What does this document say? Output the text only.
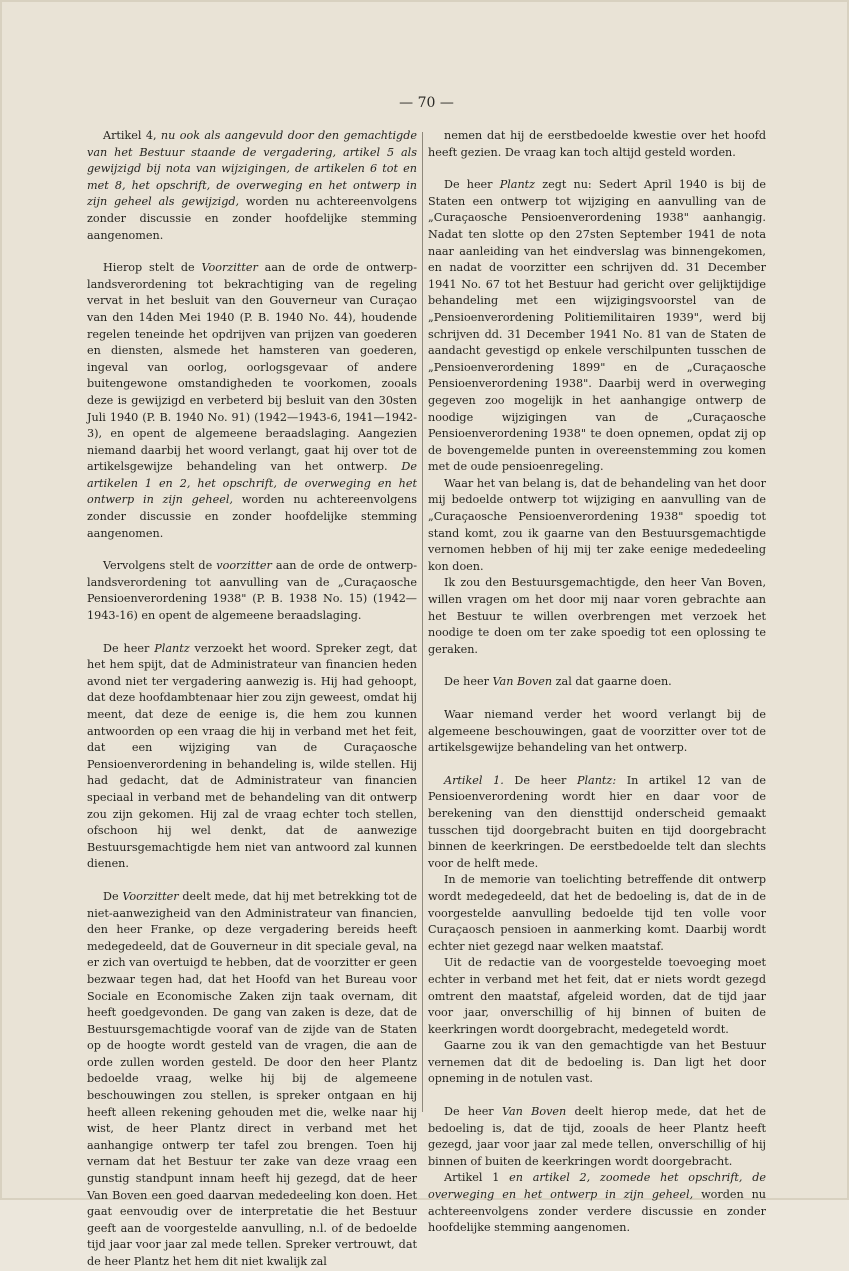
— 70 —

Artikel 4, nu ook als aangevuld door den gemachtigde van het Bestuur staande de vergadering, artikel 5 als gewijzigd bij nota van wijzigingen, de artikelen 6 tot en met 8, het opschrift, de overweging en het ontwerp in zijn geheel als gewijzigd, worden nu achtereenvolgens zonder discussie en zonder hoofdelijke stemming aangenomen.

Hierop stelt de Voorzitter aan de orde de ontwerp-landsverordening tot bekrachtiging van de regeling vervat in het besluit van den Gouverneur van Curaçao van den 14den Mei 1940 (P. B. 1940 No. 44), houdende regelen teneinde het opdrijven van prijzen van goederen en diensten, alsmede het hamsteren van goederen, ingeval van oorlog, oorlogsgevaar of andere buitengewone omstandigheden te voorkomen, zooals deze is gewijzigd en verbeterd bij besluit van den 30sten Juli 1940 (P. B. 1940 No. 91) (1942—1943-6, 1941—1942-3), en opent de algemeene beraadslaging. Aangezien niemand daarbij het woord verlangt, gaat hij over tot de artikelsgewijze behandeling van het ontwerp. De artikelen 1 en 2, het opschrift, de overweging en het ontwerp in zijn geheel, worden nu achtereenvolgens zonder discussie en zonder hoofdelijke stemming aangenomen.

Vervolgens stelt de voorzitter aan de orde de ontwerp-landsverordening tot aanvulling van de „Curaçaosche Pensioenverordening 1938" (P. B. 1938 No. 15) (1942—1943-16) en opent de algemeene beraadslaging.

De heer Plantz verzoekt het woord. Spreker zegt, dat het hem spijt, dat de Administrateur van financien heden avond niet ter vergadering aanwezig is. Hij had gehoopt, dat deze hoofdambtenaar hier zou zijn geweest, omdat hij meent, dat deze de eenige is, die hem zou kunnen antwoorden op een vraag die hij in verband met het feit, dat een wijziging van de Curaçaosche Pensioenverordening in behandeling is, wilde stellen. Hij had gedacht, dat de Administrateur van financien speciaal in verband met de behandeling van dit ontwerp zou zijn gekomen. Hij zal de vraag echter toch stellen, ofschoon hij wel denkt, dat de aanwezige Bestuursgemachtigde hem niet van antwoord zal kunnen dienen.

De Voorzitter deelt mede, dat hij met betrekking tot de niet-aanwezigheid van den Administrateur van financien, den heer Franke, op deze vergadering bereids heeft medegedeeld, dat de Gouverneur in dit speciale geval, na er zich van overtuigd te hebben, dat de voorzitter er geen bezwaar tegen had, dat het Hoofd van het Bureau voor Sociale en Economische Zaken zijn taak overnam, dit heeft goedgevonden. De gang van zaken is deze, dat de Bestuursgemachtigde vooraf van de zijde van de Staten op de hoogte wordt gesteld van de vragen, die aan de orde zullen worden gesteld. De door den heer Plantz bedoelde vraag, welke hij bij de algemeene beschouwingen zou stellen, is spreker ontgaan en hij heeft alleen rekening gehouden met die, welke naar hij wist, de heer Plantz direct in verband met het aanhangige ontwerp ter tafel zou brengen. Toen hij vernam dat het Bestuur ter zake van deze vraag een gunstig standpunt innam heeft hij gezegd, dat de heer Van Boven een goed daarvan mededeeling kon doen. Het gaat eenvoudig over de interpretatie die het Bestuur geeft aan de voorgestelde aanvulling, n.l. of de bedoelde tijd jaar voor jaar zal mede tellen. Spreker vertrouwt, dat de heer Plantz het hem dit niet kwalijk zal

nemen dat hij de eerstbedoelde kwestie over het hoofd heeft gezien. De vraag kan toch altijd gesteld worden.

De heer Plantz zegt nu: Sedert April 1940 is bij de Staten een ontwerp tot wijziging en aanvulling van de „Curaçaosche Pensioenverordening 1938" aanhangig. Nadat ten slotte op den 27sten September 1941 de nota naar aanleiding van het eindverslag was binnengekomen, en nadat de voorzitter een schrijven dd. 31 December 1941 No. 67 tot het Bestuur had gericht over gelijktijdige behandeling met een wijzigingsvoorstel van de „Pensioenverordening Politiemilitairen 1939", werd bij schrijven dd. 31 December 1941 No. 81 van de Staten de aandacht gevestigd op enkele verschilpunten tusschen de „Pensioenverordening 1899" en de „Curaçaosche Pensioenverordening 1938". Daarbij werd in overweging gegeven zoo mogelijk in het aanhangige ontwerp de noodige wijzigingen van de „Curaçaosche Pensioenverordening 1938" te doen opnemen, opdat zij op de bovengemelde punten in overeenstemming zou komen met de oude pensioenregeling.

Waar het van belang is, dat de behandeling van het door mij bedoelde ontwerp tot wijziging en aanvulling van de „Curaçaosche Pensioenverordening 1938" spoedig tot stand komt, zou ik gaarne van den Bestuursgemachtigde vernomen hebben of hij mij ter zake eenige mededeeling kon doen.

Ik zou den Bestuursgemachtigde, den heer Van Boven, willen vragen om het door mij naar voren gebrachte aan het Bestuur te willen overbrengen met verzoek het noodige te doen om ter zake spoedig tot een oplossing te geraken.

De heer Van Boven zal dat gaarne doen.

Waar niemand verder het woord verlangt bij de algemeene beschouwingen, gaat de voorzitter over tot de artikelsgewijze behandeling van het ontwerp.

Artikel 1. De heer Plantz: In artikel 12 van de Pensioenverordening wordt hier en daar voor de berekening van den diensttijd onderscheid gemaakt tusschen tijd doorgebracht buiten en tijd doorgebracht binnen de keerkringen. De eerstbedoelde telt dan slechts voor de helft mede.

In de memorie van toelichting betreffende dit ontwerp wordt medegedeeld, dat het de bedoeling is, dat de in de voorgestelde aanvulling bedoelde tijd ten volle voor Curaçaosch pensioen in aanmerking komt. Daarbij wordt echter niet gezegd naar welken maatstaf.

Uit de redactie van de voorgestelde toevoeging moet echter in verband met het feit, dat er niets wordt gezegd omtrent den maatstaf, afgeleid worden, dat de tijd jaar voor jaar, onverschillig of hij binnen of buiten de keerkringen wordt doorgebracht, medegeteld wordt.

Gaarne zou ik van den gemachtigde van het Bestuur vernemen dat dit de bedoeling is. Dan ligt het door opneming in de notulen vast.

De heer Van Boven deelt hierop mede, dat het de bedoeling is, dat de tijd, zooals de heer Plantz heeft gezegd, jaar voor jaar zal mede tellen, onverschillig of hij binnen of buiten de keerkringen wordt doorgebracht.

Artikel 1 en artikel 2, zoomede het opschrift, de overweging en het ontwerp in zijn geheel, worden nu achtereenvolgens zonder verdere discussie en zonder hoofdelijke stemming aangenomen.
